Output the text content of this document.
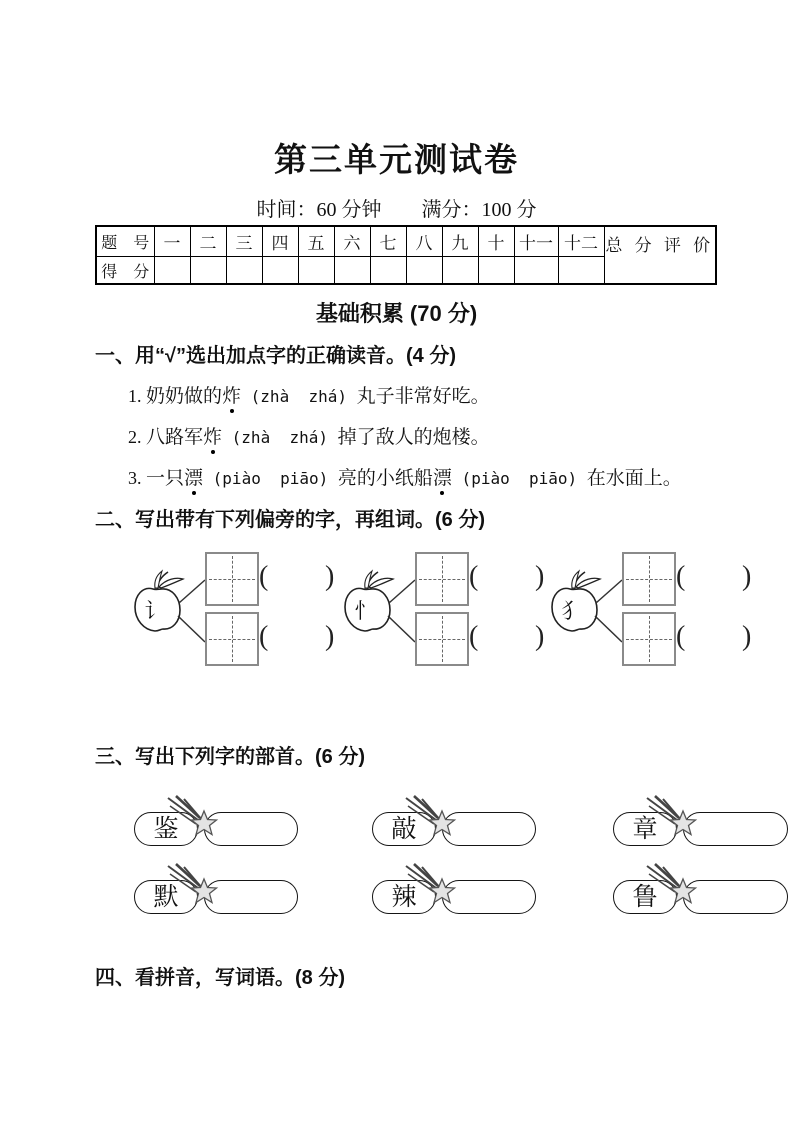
第三单元测试卷
时间：60 分钟　　满分：100 分
题　号	一	二	三	四	五	六	七	八	九	十	十一	十二	总 分 评 价
得　分													
基础积累 (70 分)
一、用“√”选出加点字的正确读音。(4 分)
1. 奶奶做的炸 (zhà  zhá) 丸子非常好吃。
2. 八路军炸 (zhà  zhá) 掉了敌人的炮楼。
3. 一只漂 (piào  piāo) 亮的小纸船漂 (piào  piāo) 在水面上。
二、写出带有下列偏旁的字，再组词。(6 分)
讠
( )
( )
忄
( )
( )
犭
( )
( )
三、写出下列字的部首。(6 分)
鉴	敲	章
默	辣	鲁
四、看拼音，写词语。(8 分)
